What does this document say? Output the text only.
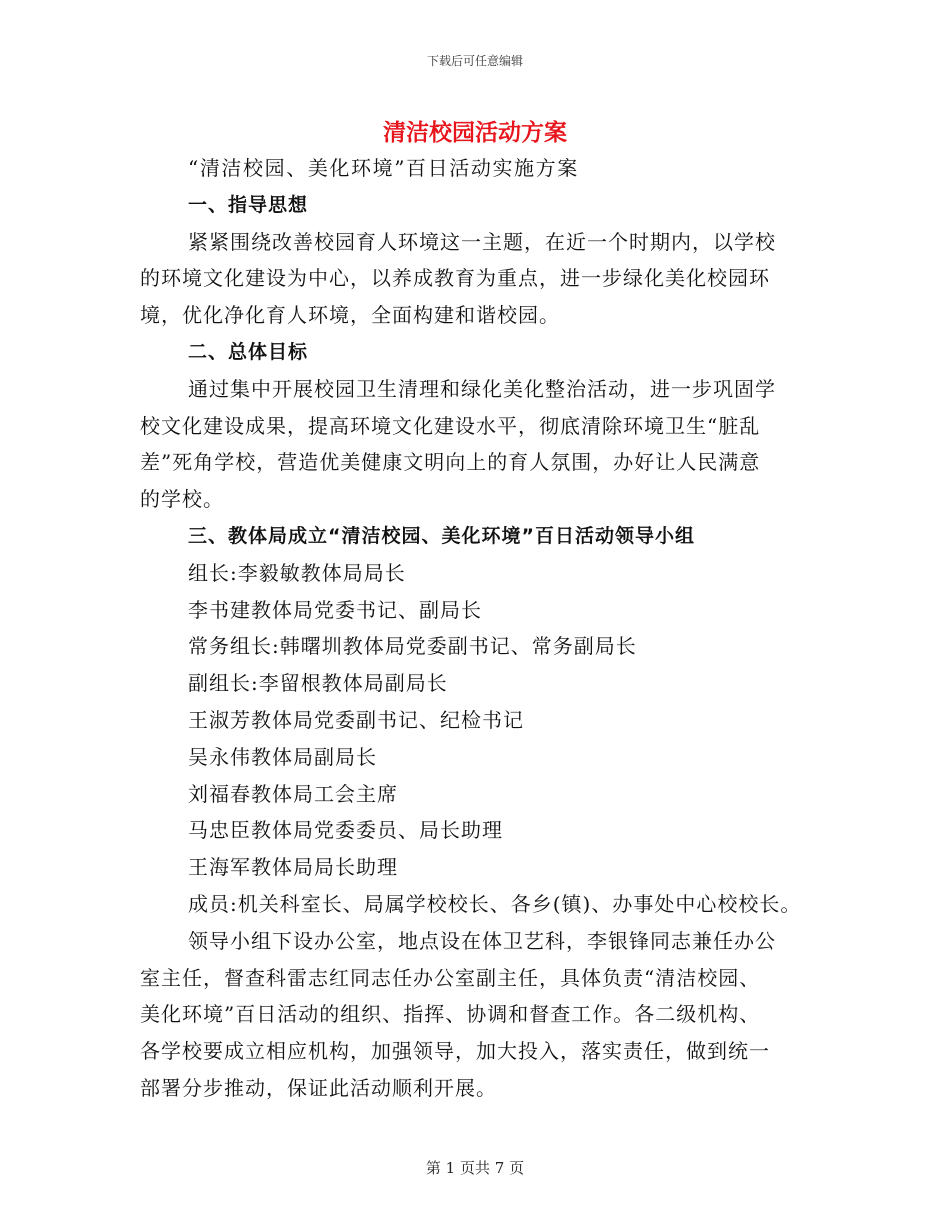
下载后可任意编辑
清洁校园活动方案
“清洁校园、美化环境”百日活动实施方案
一、指导思想
紧紧围绕改善校园育人环境这一主题，在近一个时期内，以学校
的环境文化建设为中心，以养成教育为重点，进一步绿化美化校园环
境，优化净化育人环境，全面构建和谐校园。
二、总体目标
通过集中开展校园卫生清理和绿化美化整治活动，进一步巩固学
校文化建设成果，提高环境文化建设水平，彻底清除环境卫生“脏乱
差”死角学校，营造优美健康文明向上的育人氛围，办好让人民满意
的学校。
三、教体局成立“清洁校园、美化环境”百日活动领导小组
组长:李毅敏教体局局长
李书建教体局党委书记、副局长
常务组长:韩曙圳教体局党委副书记、常务副局长
副组长:李留根教体局副局长
王淑芳教体局党委副书记、纪检书记
吴永伟教体局副局长
刘福春教体局工会主席
马忠臣教体局党委委员、局长助理
王海军教体局局长助理
成员:机关科室长、局属学校校长、各乡(镇)、办事处中心校校长。
领导小组下设办公室，地点设在体卫艺科，李银锋同志兼任办公
室主任，督查科雷志红同志任办公室副主任，具体负责“清洁校园、
美化环境”百日活动的组织、指挥、协调和督查工作。各二级机构、
各学校要成立相应机构，加强领导，加大投入，落实责任，做到统一
部署分步推动，保证此活动顺利开展。
第 1 页共 7 页
